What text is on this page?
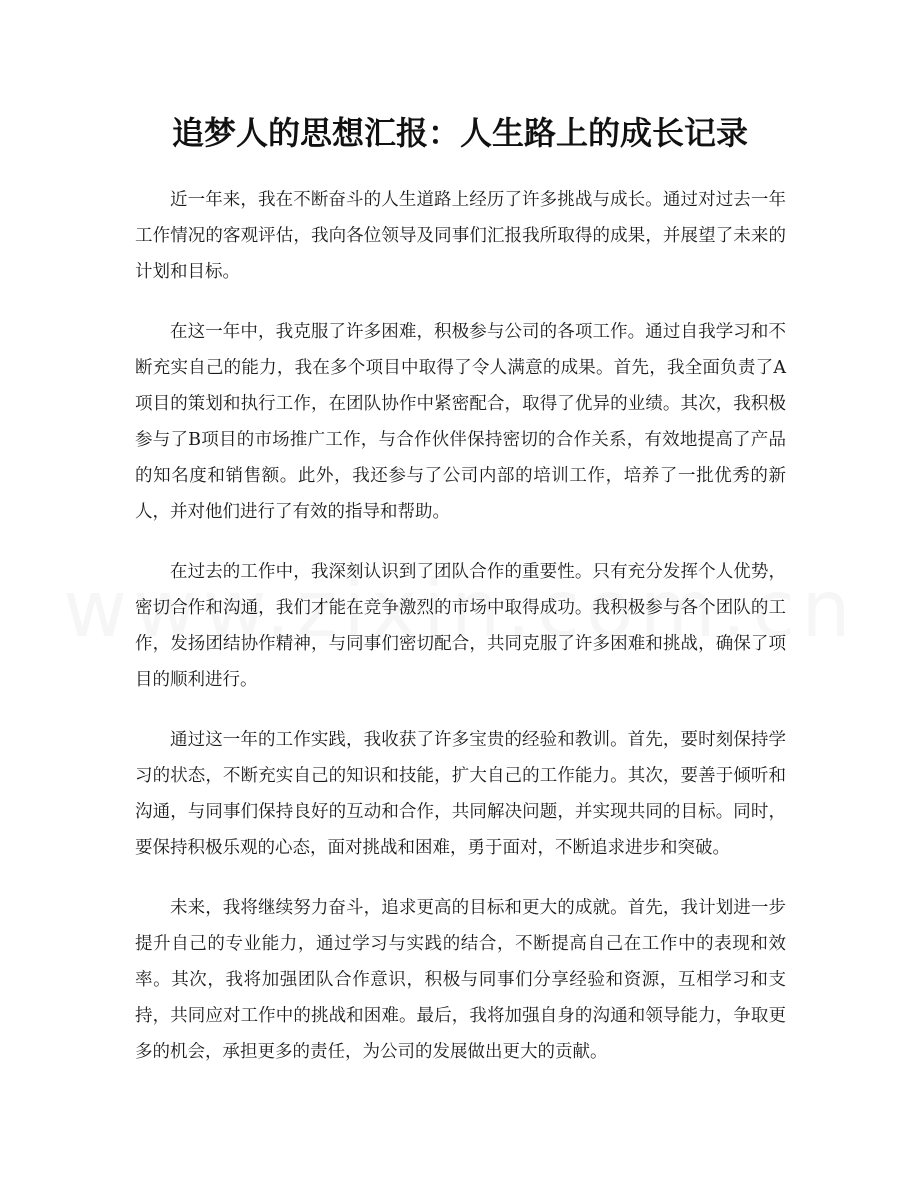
追梦人的思想汇报：人生路上的成长记录

近一年来，我在不断奋斗的人生道路上经历了许多挑战与成长。通过对过去一年工作情况的客观评估，我向各位领导及同事们汇报我所取得的成果，并展望了未来的计划和目标。

在这一年中，我克服了许多困难，积极参与公司的各项工作。通过自我学习和不断充实自己的能力，我在多个项目中取得了令人满意的成果。首先，我全面负责了A项目的策划和执行工作，在团队协作中紧密配合，取得了优异的业绩。其次，我积极参与了B项目的市场推广工作，与合作伙伴保持密切的合作关系，有效地提高了产品的知名度和销售额。此外，我还参与了公司内部的培训工作，培养了一批优秀的新人，并对他们进行了有效的指导和帮助。

在过去的工作中，我深刻认识到了团队合作的重要性。只有充分发挥个人优势，密切合作和沟通，我们才能在竞争激烈的市场中取得成功。我积极参与各个团队的工作，发扬团结协作精神，与同事们密切配合，共同克服了许多困难和挑战，确保了项目的顺利进行。

通过这一年的工作实践，我收获了许多宝贵的经验和教训。首先，要时刻保持学习的状态，不断充实自己的知识和技能，扩大自己的工作能力。其次，要善于倾听和沟通，与同事们保持良好的互动和合作，共同解决问题，并实现共同的目标。同时，要保持积极乐观的心态，面对挑战和困难，勇于面对，不断追求进步和突破。

未来，我将继续努力奋斗，追求更高的目标和更大的成就。首先，我计划进一步提升自己的专业能力，通过学习与实践的结合，不断提高自己在工作中的表现和效率。其次，我将加强团队合作意识，积极与同事们分享经验和资源，互相学习和支持，共同应对工作中的挑战和困难。最后，我将加强自身的沟通和领导能力，争取更多的机会，承担更多的责任，为公司的发展做出更大的贡献。
